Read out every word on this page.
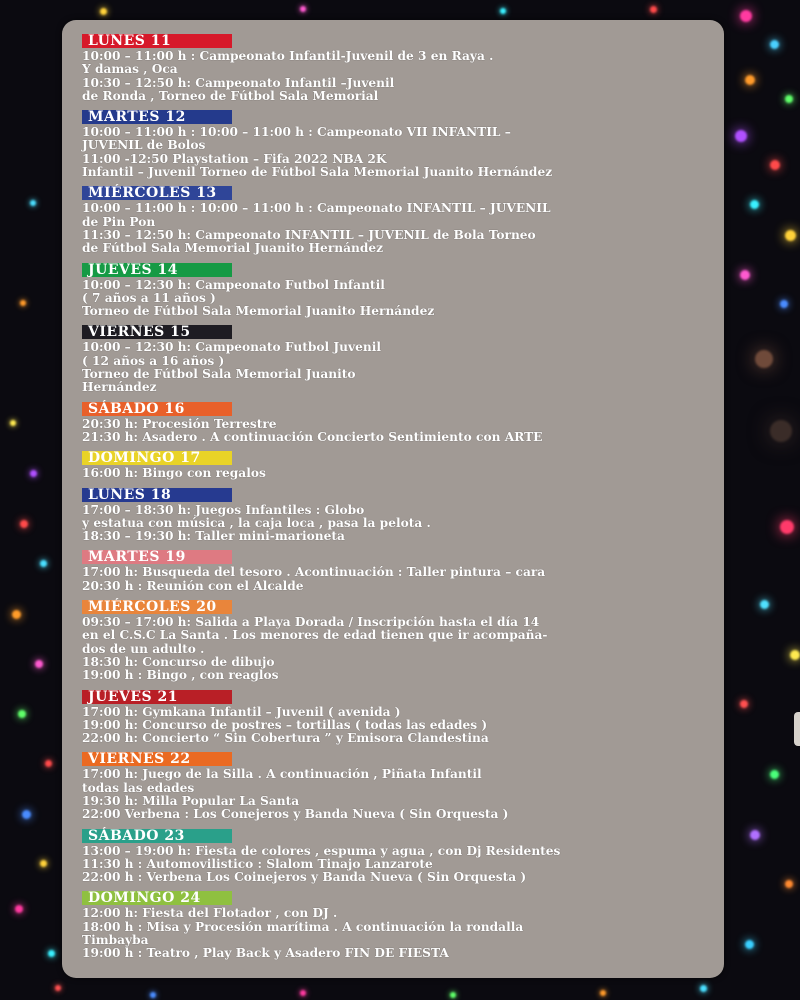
LUNES 11
10:00 – 11:00 h : Campeonato Infantil-Juvenil de 3 en Raya .
Y damas , Oca
10:30 – 12:50 h: Campeonato Infantil –Juvenil
de Ronda , Torneo de Fútbol Sala Memorial
MARTES 12
10:00 – 11:00 h : 10:00 – 11:00 h : Campeonato VII INFANTIL –
JUVENIL de Bolos
11:00 -12:50 Playstation – Fifa 2022 NBA 2K
Infantil – Juvenil Torneo de Fútbol Sala Memorial Juanito Hernández
MIÉRCOLES 13
10:00 – 11:00 h : 10:00 – 11:00 h : Campeonato INFANTIL – JUVENIL
de Pin Pon
11:30 – 12:50 h: Campeonato INFANTIL – JUVENIL de Bola Torneo
de Fútbol Sala Memorial Juanito Hernández
JUEVES 14
10:00 – 12:30 h: Campeonato Futbol Infantil
( 7 años a 11 años )
Torneo de Fútbol Sala Memorial Juanito Hernández
VIERNES 15
10:00 – 12:30 h: Campeonato Futbol Juvenil
( 12 años a 16 años )
Torneo de Fútbol Sala Memorial Juanito
Hernández
SÁBADO 16
20:30 h: Procesión Terrestre
21:30 h: Asadero . A continuación Concierto Sentimiento con ARTE
DOMINGO 17
16:00 h: Bingo con regalos
LUNES 18
17:00 – 18:30 h: Juegos Infantiles : Globo
y estatua con música , la caja loca , pasa la pelota .
18:30 – 19:30 h: Taller mini-marioneta
MARTES 19
17:00 h: Busqueda del tesoro . Acontinuación : Taller pintura – cara
20:30 h : Reunión con el Alcalde
MIÉRCOLES 20
09:30 – 17:00 h: Salida a Playa Dorada / Inscripción hasta el día 14
en el C.S.C La Santa . Los menores de edad tienen que ir acompaña-
dos de un adulto .
18:30 h: Concurso de dibujo
19:00 h : Bingo , con reaglos
JUEVES 21
17:00 h: Gymkana Infantil – Juvenil ( avenida )
19:00 h: Concurso de postres – tortillas ( todas las edades )
22:00 h: Concierto “ Sin Cobertura ” y Emisora Clandestina
VIERNES 22
17:00 h: Juego de la Silla . A continuación , Piñata Infantil
todas las edades
19:30 h: Milla Popular La Santa
22:00 Verbena : Los Conejeros y Banda Nueva ( Sin Orquesta )
SÁBADO 23
13:00 – 19:00 h: Fiesta de colores , espuma y agua , con Dj Residentes
11:30 h : Automovilistico : Slalom Tinajo Lanzarote
22:00 h : Verbena Los Coinejeros y Banda Nueva ( Sin Orquesta )
DOMINGO 24
12:00 h: Fiesta del Flotador , con DJ .
18:00 h : Misa y Procesión marítima . A continuación la rondalla
Timbayba
19:00 h : Teatro , Play Back y Asadero FIN DE FIESTA
